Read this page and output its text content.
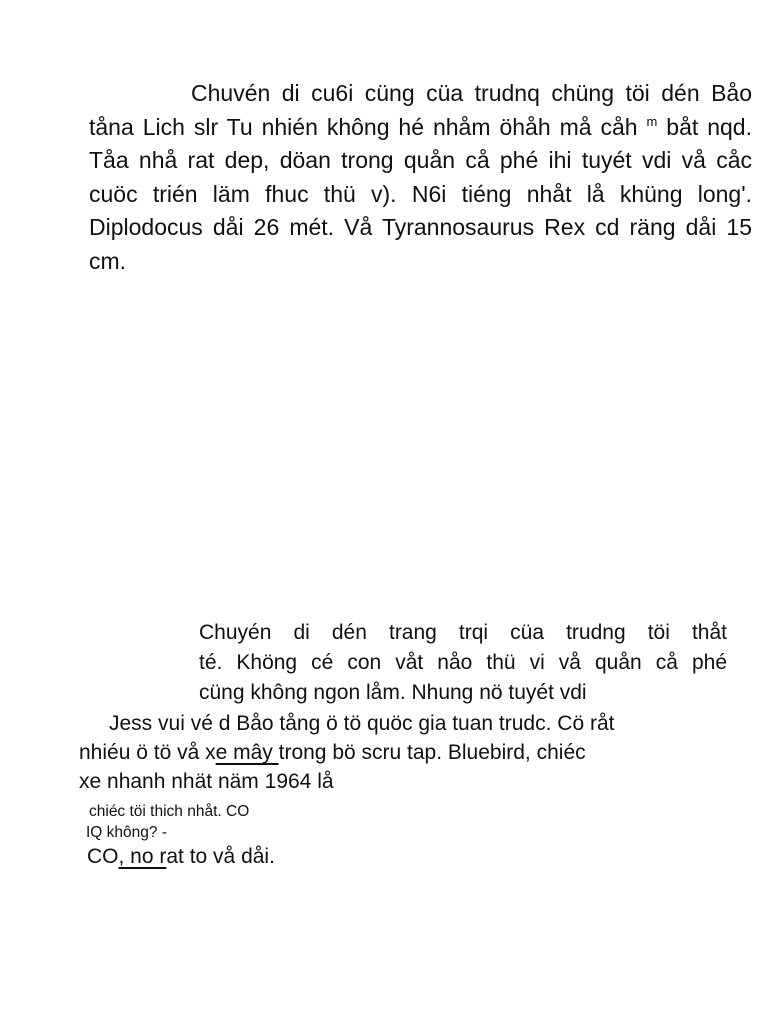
Chuvén di cu6i cüng cüa trudnq chüng töi dén Båo tåna Lich slr Tu nhién không hé nhåm öhåh må cåh $^m$ båt nqd. Tåa nhå rat dep, döan trong quån cå phé ihi tuyét vdi vå cåc cuöc trién läm fhuc thü v). N6i tiéng nhåt lå khüng long'. Diplodocus dåi 26 mét. Vå Tyrannosaurus Rex cd räng dåi 15 cm.
Chuyén di dén trang trqi cüa trudng töi thåt
té. Khöng cé con våt nåo thü vi vå quån cå phé
cüng không ngon låm. Nhung nö tuyét vdi
Jess vui vé d Båo tång ö tö quöc gia tuan trudc. Cö råt
nhiéu ö tö vå xe mây trong bö scru tap. Bluebird, chiéc
xe nhanh nhät näm 1964 lå
chiéc töi thich nhåt. CO
IQ không? -
CO, no rat to vå dåi.
